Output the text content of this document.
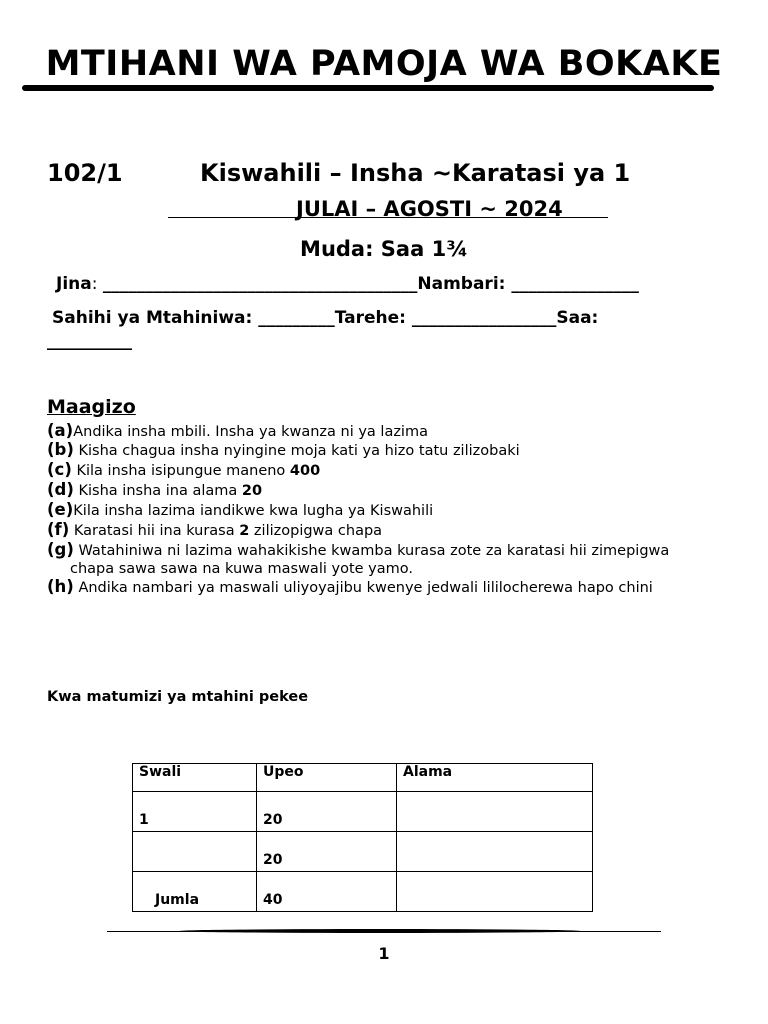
MTIHANI WA PAMOJA WA BOKAKE
102/1	Kiswahili – Insha ~Karatasi ya 1
JULAI – AGOSTI ~ 2024
Muda: Saa 1¾
Jina: _____________________________________Nambari: _______________
Sahihi ya Mtahiniwa: _________Tarehe: _________________Saa:
__________
Maagizo
(a)Andika insha mbili. Insha ya kwanza ni ya lazima
(b) Kisha chagua insha nyingine moja kati ya hizo tatu zilizobaki
(c) Kila insha isipungue maneno 400
(d) Kisha insha ina alama 20
(e)Kila insha lazima iandikwe kwa lugha ya Kiswahili
(f) Karatasi hii ina kurasa 2 zilizopigwa chapa
(g) Watahiniwa ni lazima wahakikishe kwamba kurasa zote za karatasi hii zimepigwa
chapa sawa sawa na kuwa maswali yote yamo.
(h) Andika nambari ya maswali uliyoyajibu kwenye jedwali lililocherewa hapo chini
Kwa matumizi ya mtahini pekee
Swali	Upeo	Alama
1	20	
	20	
Jumla	40	
1
